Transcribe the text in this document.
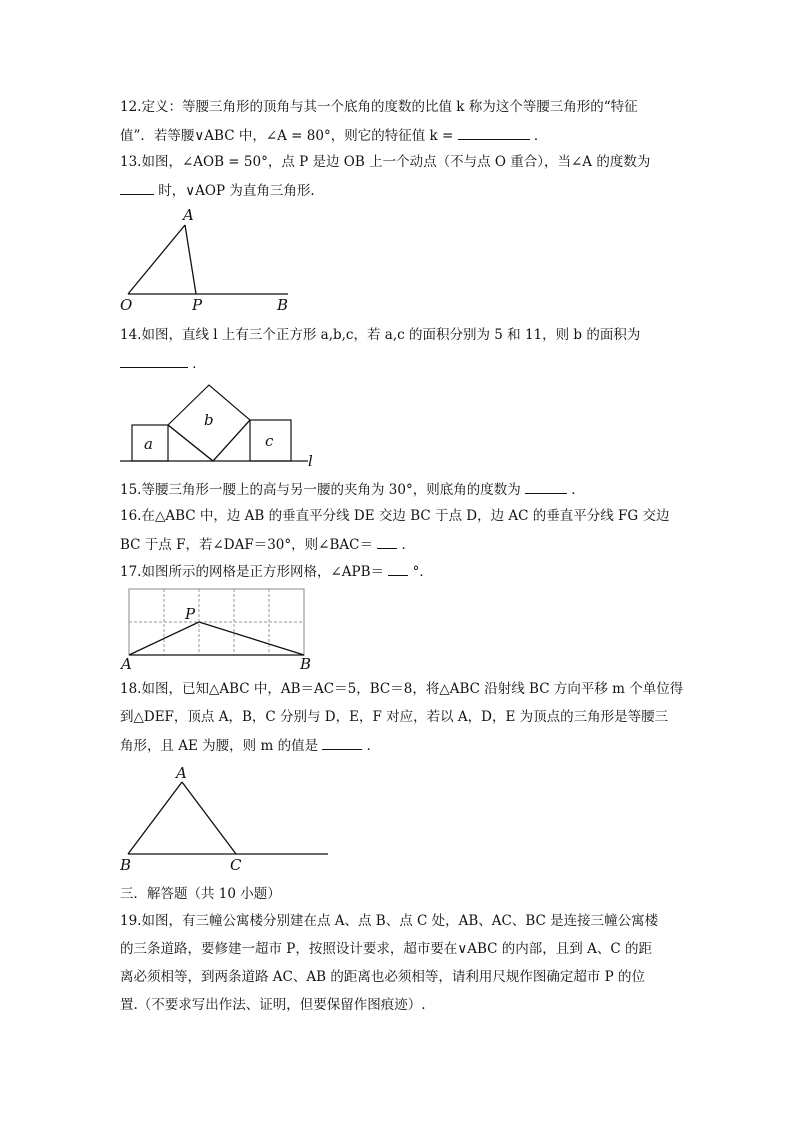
12.定义：等腰三角形的顶角与其一个底角的度数的比值 k 称为这个等腰三角形的“特征
值”．若等腰∨ABC 中，∠A = 80°，则它的特征值 k =	．
13.如图，∠AOB = 50°，点 P 是边 OB 上一个动点（不与点 O 重合），当∠A 的度数为
时，∨AOP 为直角三角形.
A
O	P	B
14.如图，直线 l 上有三个正方形 a,b,c，若 a,c 的面积分别为 5 和 11，则 b 的面积为
．
a
b
c
l
15.等腰三角形一腰上的高与另一腰的夹角为 30°，则底角的度数为	．
16.在△ABC 中，边 AB 的垂直平分线 DE 交边 BC 于点 D，边 AC 的垂直平分线 FG 交边
BC 于点 F，若∠DAF＝30°，则∠BAC＝ ．
17.如图所示的网格是正方形网格，∠APB＝ °．
P
A	B
18.如图，已知△ABC 中，AB＝AC＝5，BC＝8，将△ABC 沿射线 BC 方向平移 m 个单位得
到△DEF，顶点 A，B，C 分别与 D，E，F 对应，若以 A，D，E 为顶点的三角形是等腰三
角形，且 AE 为腰，则 m 的值是	．
A
B	C
三．解答题（共 10 小题）
19.如图，有三幢公寓楼分别建在点 A、点 B、点 C 处，AB、AC、BC 是连接三幢公寓楼
的三条道路，要修建一超市 P，按照设计要求，超市要在∨ABC 的内部，且到 A、C 的距
离必须相等，到两条道路 AC、AB 的距离也必须相等，请利用尺规作图确定超市 P 的位
置.（不要求写出作法、证明，但要保留作图痕迹）.
